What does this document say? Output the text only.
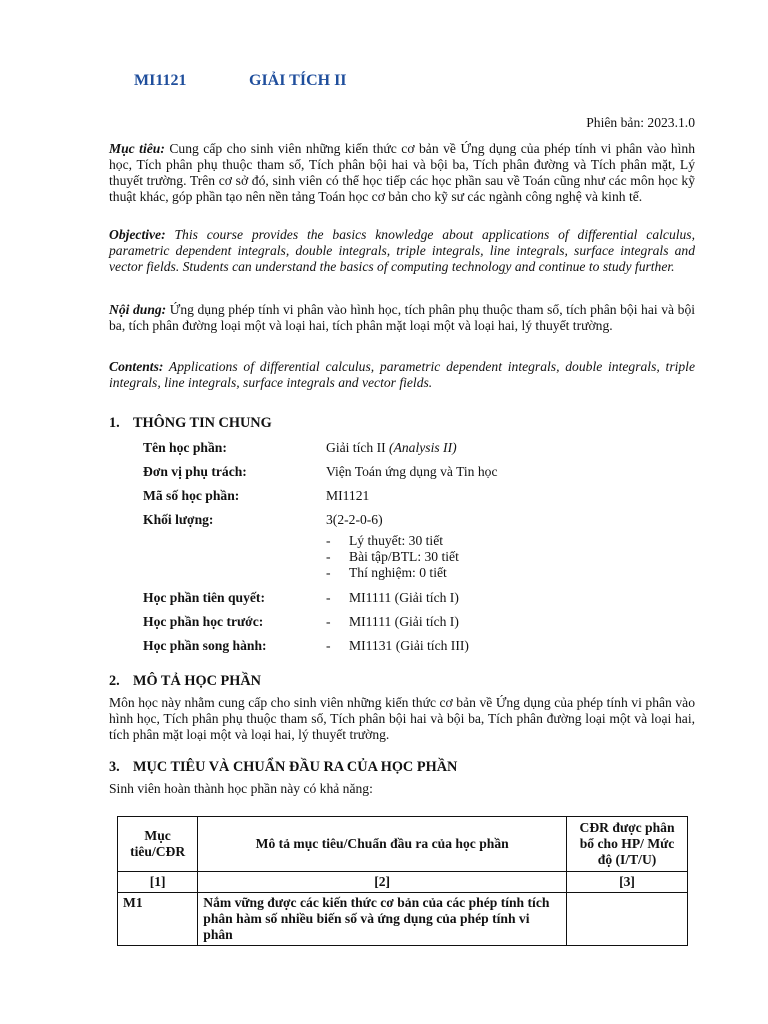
MI1121	GIẢI TÍCH II
Phiên bản: 2023.1.0
Mục tiêu: Cung cấp cho sinh viên những kiến thức cơ bản về Ứng dụng của phép tính vi phân vào hình học, Tích phân phụ thuộc tham số, Tích phân bội hai và bội ba, Tích phân đường và Tích phân mặt, Lý thuyết trường. Trên cơ sở đó, sinh viên có thể học tiếp các học phần sau về Toán cũng như các môn học kỹ thuật khác, góp phần tạo nên nền tảng Toán học cơ bản cho kỹ sư các ngành công nghệ và kinh tế.
Objective: This course provides the basics knowledge about applications of differential calculus, parametric dependent integrals, double integrals, triple integrals, line integrals, surface integrals and vector fields. Students can understand the basics of computing technology and continue to study further.
Nội dung: Ứng dụng phép tính vi phân vào hình học, tích phân phụ thuộc tham số, tích phân bội hai và bội ba, tích phân đường loại một và loại hai, tích phân mặt loại một và loại hai, lý thuyết trường.
Contents: Applications of differential calculus, parametric dependent integrals, double integrals, triple integrals, line integrals, surface integrals and vector fields.
1. THÔNG TIN CHUNG
Tên học phần:	Giải tích II (Analysis II)
Đơn vị phụ trách:	Viện Toán ứng dụng và Tin học
Mã số học phần:	MI1121
Khối lượng:	3(2-2-0-6)
- Lý thuyết: 30 tiết
- Bài tập/BTL: 30 tiết
- Thí nghiệm: 0 tiết
Học phần tiên quyết:	- MI1111 (Giải tích I)
Học phần học trước:	- MI1111 (Giải tích I)
Học phần song hành:	- MI1131 (Giải tích III)
2. MÔ TẢ HỌC PHẦN
Môn học này nhằm cung cấp cho sinh viên những kiến thức cơ bản về Ứng dụng của phép tính vi phân vào hình học, Tích phân phụ thuộc tham số, Tích phân bội hai và bội ba, Tích phân đường loại một và loại hai, tích phân mặt loại một và loại hai, lý thuyết trường.
3. MỤC TIÊU VÀ CHUẨN ĐẦU RA CỦA HỌC PHẦN
Sinh viên hoàn thành học phần này có khả năng:
Mục tiêu/CĐR	Mô tả mục tiêu/Chuẩn đầu ra của học phần	CĐR được phân bổ cho HP/ Mức độ (I/T/U)
[1]	[2]	[3]
M1	Nắm vững được các kiến thức cơ bản của các phép tính tích phân hàm số nhiều biến số và ứng dụng của phép tính vi phân	
